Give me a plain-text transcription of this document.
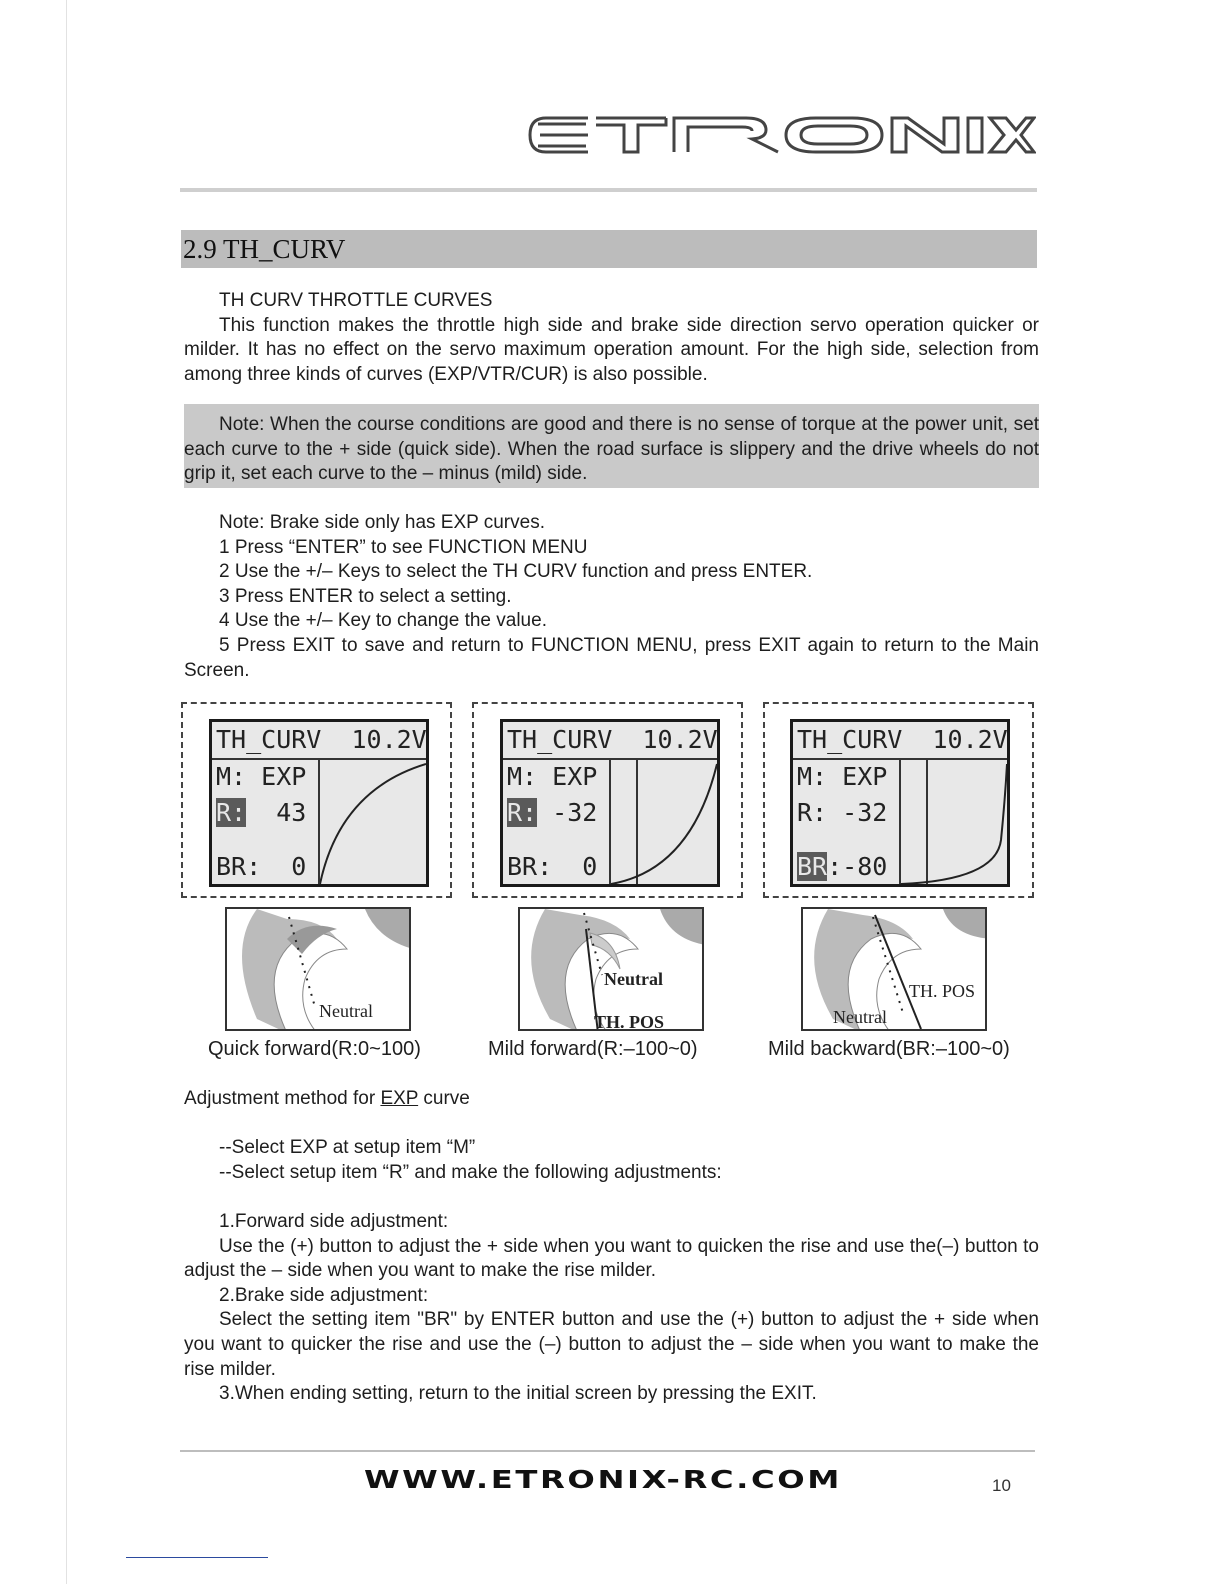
2.9 TH_CURV

TH CURV THROTTLE CURVES

This function makes the throttle high side and brake side direction servo operation quicker or milder. It has no effect on the servo maximum operation amount. For the high side, selection from among three kinds of curves (EXP/VTR/CUR) is also possible.

Note: When the course conditions are good and there is no sense of torque at the power unit, set each curve to the + side (quick side). When the road surface is slippery and the drive wheels do not grip it, set each curve to the – minus (mild) side.

Note: Brake side only has EXP curves.

1 Press “ENTER” to see FUNCTION MENU

2 Use the +/– Keys to select the TH CURV function and press ENTER.

3 Press ENTER to select a setting.

4 Use the +/– Key to change the value.

5 Press EXIT to save and return to FUNCTION MENU, press EXIT again to return to the Main Screen.

TH_CURV 10.2V
M: EXP
R: 43
BR: 0
TH_CURV 10.2V
M: EXP
R: -32
BR: 0
TH_CURV 10.2V
M: EXP
R: -32
BR:-80
Neutral
Neutral
TH. POS
TH. POS
Neutral
Quick forward(R:0~100)	Mild forward(R:–100~0)	Mild backward(BR:–100~0)

Adjustment method for EXP curve

--Select EXP at setup item “M”

--Select setup item “R” and make the following adjustments:

1.Forward side adjustment:

Use the (+) button to adjust the + side when you want to quicken the rise and use the(–) button to adjust the – side when you want to make the rise milder.

2.Brake side adjustment:

Select the setting item "BR" by ENTER button and use the (+) button to adjust the + side when you want to quicker the rise and use the (–) button to adjust the – side when you want to make the rise milder.

3.When ending setting, return to the initial screen by pressing the EXIT.

WWW.ETRONIX-RC.COM	10
